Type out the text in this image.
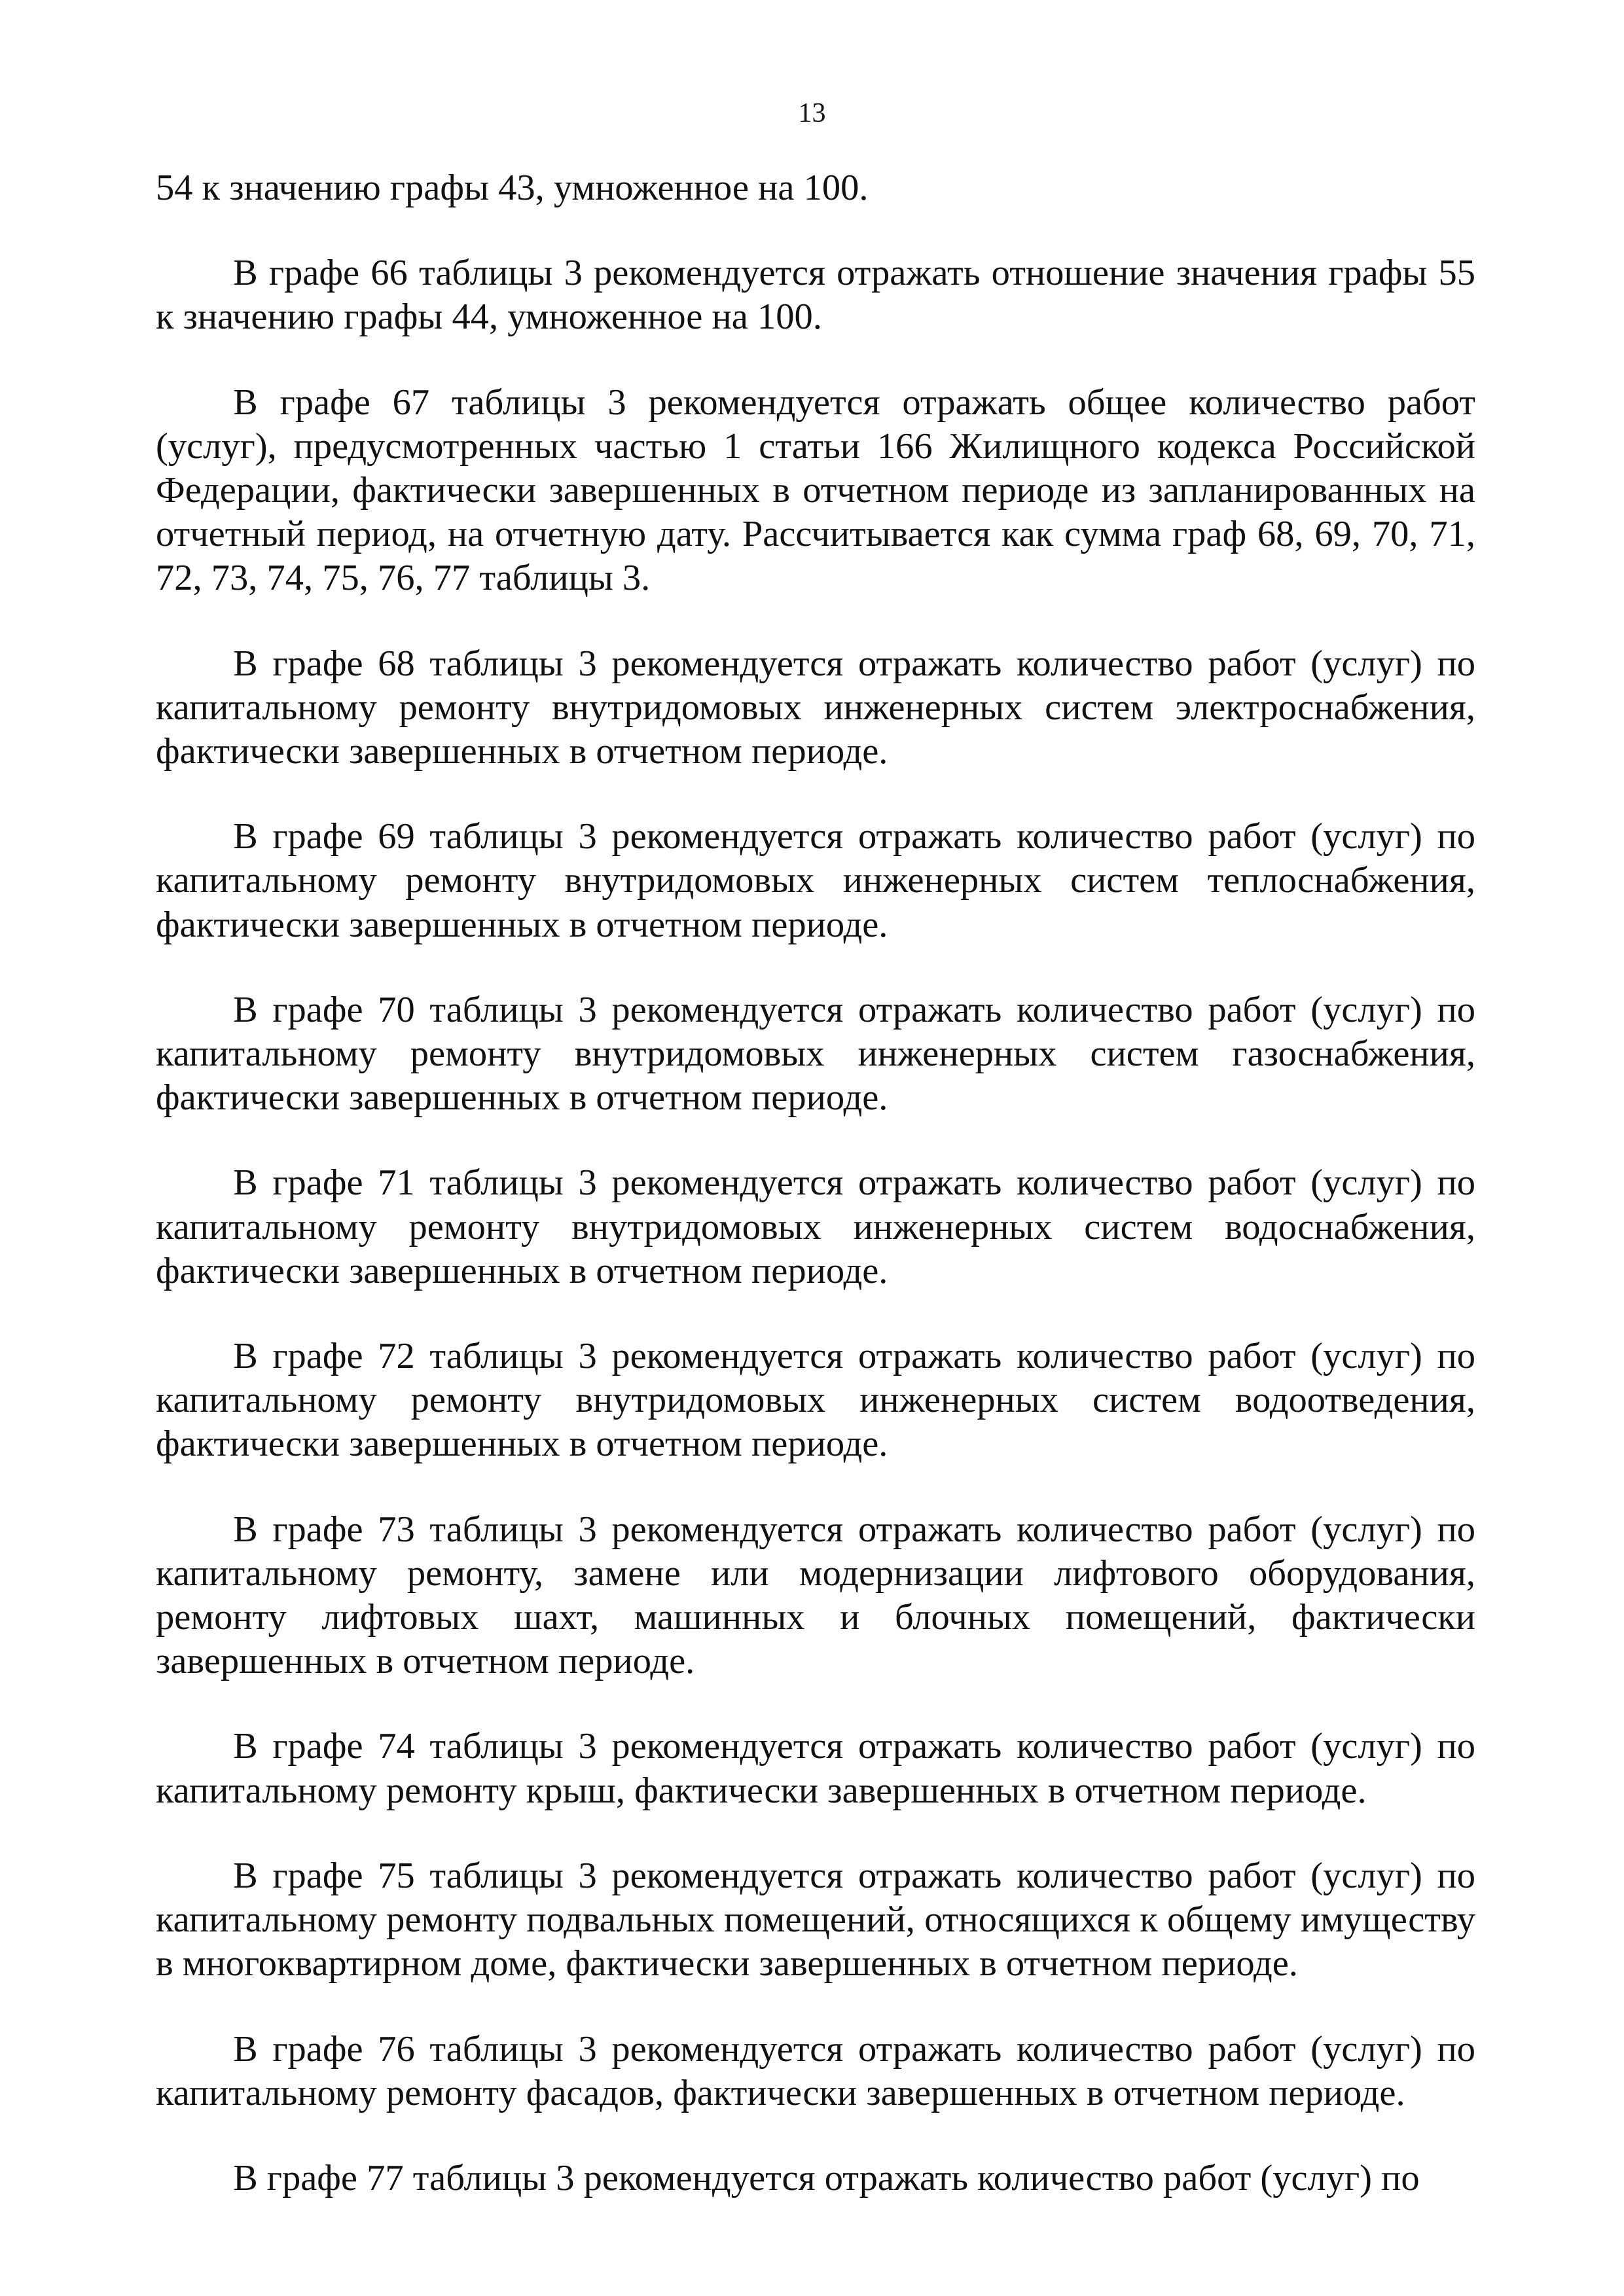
13

54 к значению графы 43, умноженное на 100.

В графе 66 таблицы 3 рекомендуется отражать отношение значения графы 55 к значению графы 44, умноженное на 100.

В графе 67 таблицы 3 рекомендуется отражать общее количество работ (услуг), предусмотренных частью 1 статьи 166 Жилищного кодекса Российской Федерации, фактически завершенных в отчетном периоде из запланированных на отчетный период, на отчетную дату. Рассчитывается как сумма граф 68, 69, 70, 71, 72, 73, 74, 75, 76, 77 таблицы 3.

В графе 68 таблицы 3 рекомендуется отражать количество работ (услуг) по капитальному ремонту внутридомовых инженерных систем электроснабжения, фактически завершенных в отчетном периоде.

В графе 69 таблицы 3 рекомендуется отражать количество работ (услуг) по капитальному ремонту внутридомовых инженерных систем теплоснабжения, фактически завершенных в отчетном периоде.

В графе 70 таблицы 3 рекомендуется отражать количество работ (услуг) по капитальному ремонту внутридомовых инженерных систем газоснабжения, фактически завершенных в отчетном периоде.

В графе 71 таблицы 3 рекомендуется отражать количество работ (услуг) по капитальному ремонту внутридомовых инженерных систем водоснабжения, фактически завершенных в отчетном периоде.

В графе 72 таблицы 3 рекомендуется отражать количество работ (услуг) по капитальному ремонту внутридомовых инженерных систем водоотведения, фактически завершенных в отчетном периоде.

В графе 73 таблицы 3 рекомендуется отражать количество работ (услуг) по капитальному ремонту, замене или модернизации лифтового оборудования, ремонту лифтовых шахт, машинных и блочных помещений, фактически завершенных в отчетном периоде.

В графе 74 таблицы 3 рекомендуется отражать количество работ (услуг) по капитальному ремонту крыш, фактически завершенных в отчетном периоде.

В графе 75 таблицы 3 рекомендуется отражать количество работ (услуг) по капитальному ремонту подвальных помещений, относящихся к общему имуществу в многоквартирном доме, фактически завершенных в отчетном периоде.

В графе 76 таблицы 3 рекомендуется отражать количество работ (услуг) по капитальному ремонту фасадов, фактически завершенных в отчетном периоде.

В графе 77 таблицы 3 рекомендуется отражать количество работ (услуг) по
